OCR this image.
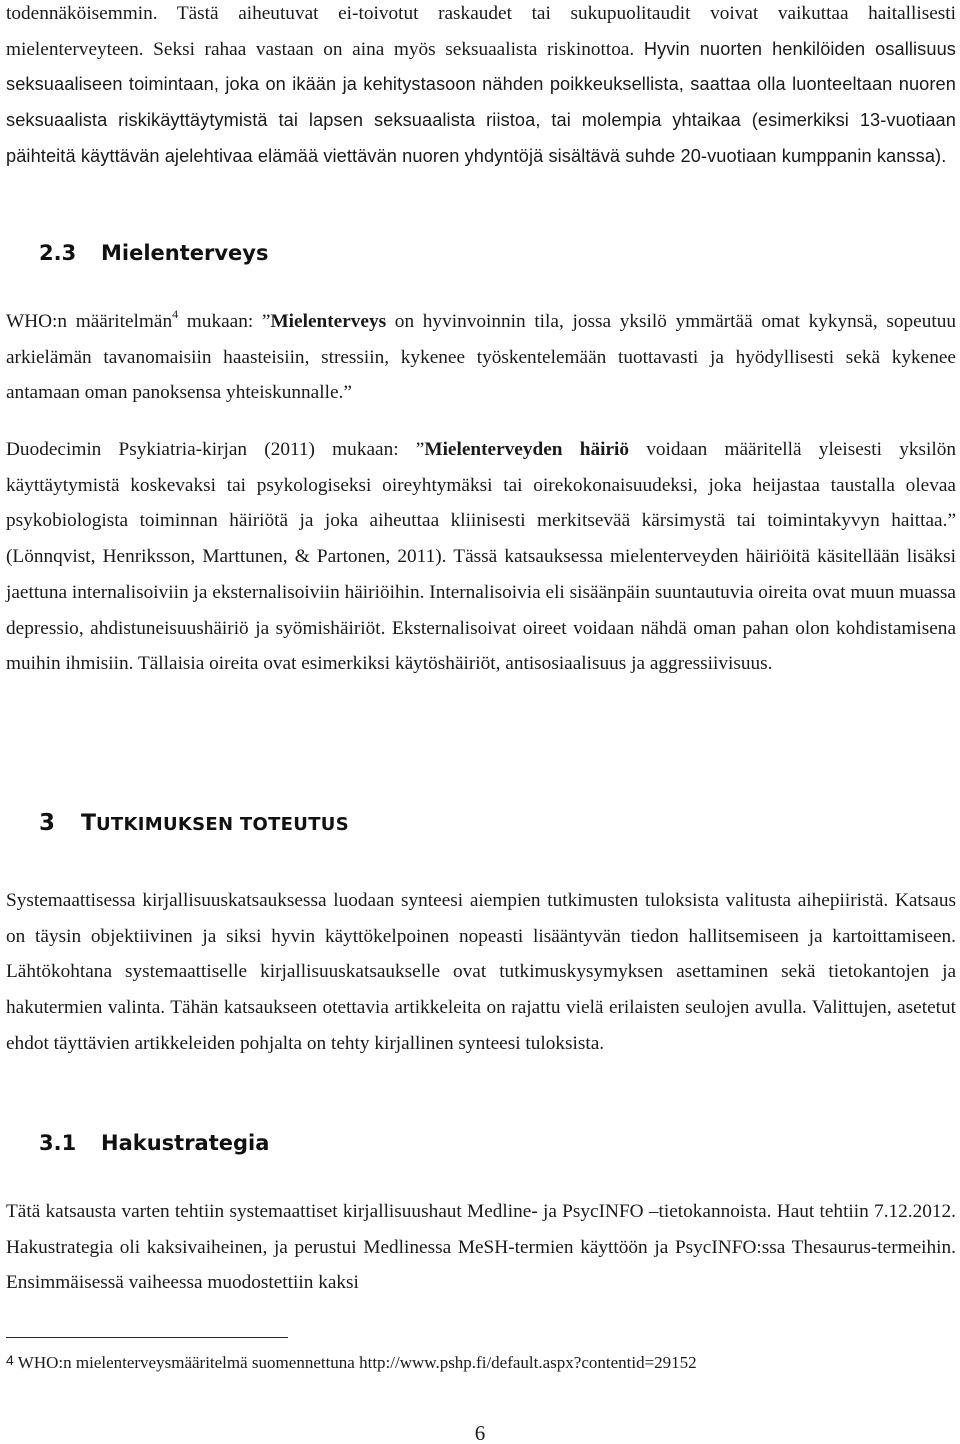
todennäköisemmin. Tästä aiheutuvat ei-toivotut raskaudet tai sukupuolitaudit voivat vaikuttaa haitallisesti mielenterveyteen. Seksi rahaa vastaan on aina myös seksuaalista riskinottoa. Hyvin nuorten henkilöiden osallisuus seksuaaliseen toimintaan, joka on ikään ja kehitystasoon nähden poikkeuksellista, saattaa olla luonteeltaan nuoren seksuaalista riskikäyttäytymistä tai lapsen seksuaalista riistoa, tai molempia yhtaikaa (esimerkiksi 13-vuotiaan päihteitä käyttävän ajelehtivaa elämää viettävän nuoren yhdyntöjä sisältävä suhde 20-vuotiaan kumppanin kanssa).

2.3 Mielenterveys

WHO:n määritelmän$^4$ mukaan: ”Mielenterveys on hyvinvoinnin tila, jossa yksilö ymmärtää omat kykynsä, sopeutuu arkielämän tavanomaisiin haasteisiin, stressiin, kykenee työskentelemään tuottavasti ja hyödyllisesti sekä kykenee antamaan oman panoksensa yhteiskunnalle.”

Duodecimin Psykiatria-kirjan (2011) mukaan: ”Mielenterveyden häiriö voidaan määritellä yleisesti yksilön käyttäytymistä koskevaksi tai psykologiseksi oireyhtymäksi tai oirekokonaisuudeksi, joka heijastaa taustalla olevaa psykobiologista toiminnan häiriötä ja joka aiheuttaa kliinisesti merkitsevää kärsimystä tai toimintakyvyn haittaa.” (Lönnqvist, Henriksson, Marttunen, & Partonen, 2011). Tässä katsauksessa mielenterveyden häiriöitä käsitellään lisäksi jaettuna internalisoiviin ja eksternalisoiviin häiriöihin. Internalisoivia eli sisäänpäin suuntautuvia oireita ovat muun muassa depressio, ahdistuneisuushäiriö ja syömishäiriöt. Eksternalisoivat oireet voidaan nähdä oman pahan olon kohdistamisena muihin ihmisiin. Tällaisia oireita ovat esimerkiksi käytöshäiriöt, antisosiaalisuus ja aggressiivisuus.

3 TUTKIMUKSEN TOTEUTUS

Systemaattisessa kirjallisuuskatsauksessa luodaan synteesi aiempien tutkimusten tuloksista valitusta aihepiiristä. Katsaus on täysin objektiivinen ja siksi hyvin käyttökelpoinen nopeasti lisääntyvän tiedon hallitsemiseen ja kartoittamiseen. Lähtökohtana systemaattiselle kirjallisuuskatsaukselle ovat tutkimuskysymyksen asettaminen sekä tietokantojen ja hakutermien valinta. Tähän katsaukseen otettavia artikkeleita on rajattu vielä erilaisten seulojen avulla. Valittujen, asetetut ehdot täyttävien artikkeleiden pohjalta on tehty kirjallinen synteesi tuloksista.

3.1 Hakustrategia

Tätä katsausta varten tehtiin systemaattiset kirjallisuushaut Medline- ja PsycINFO –tietokannoista. Haut tehtiin 7.12.2012. Hakustrategia oli kaksivaiheinen, ja perustui Medlinessa MeSH-termien käyttöön ja PsycINFO:ssa Thesaurus-termeihin. Ensimmäisessä vaiheessa muodostettiin kaksi

4 WHO:n mielenterveysmääritelmä suomennettuna http://www.pshp.fi/default.aspx?contentid=29152

6
